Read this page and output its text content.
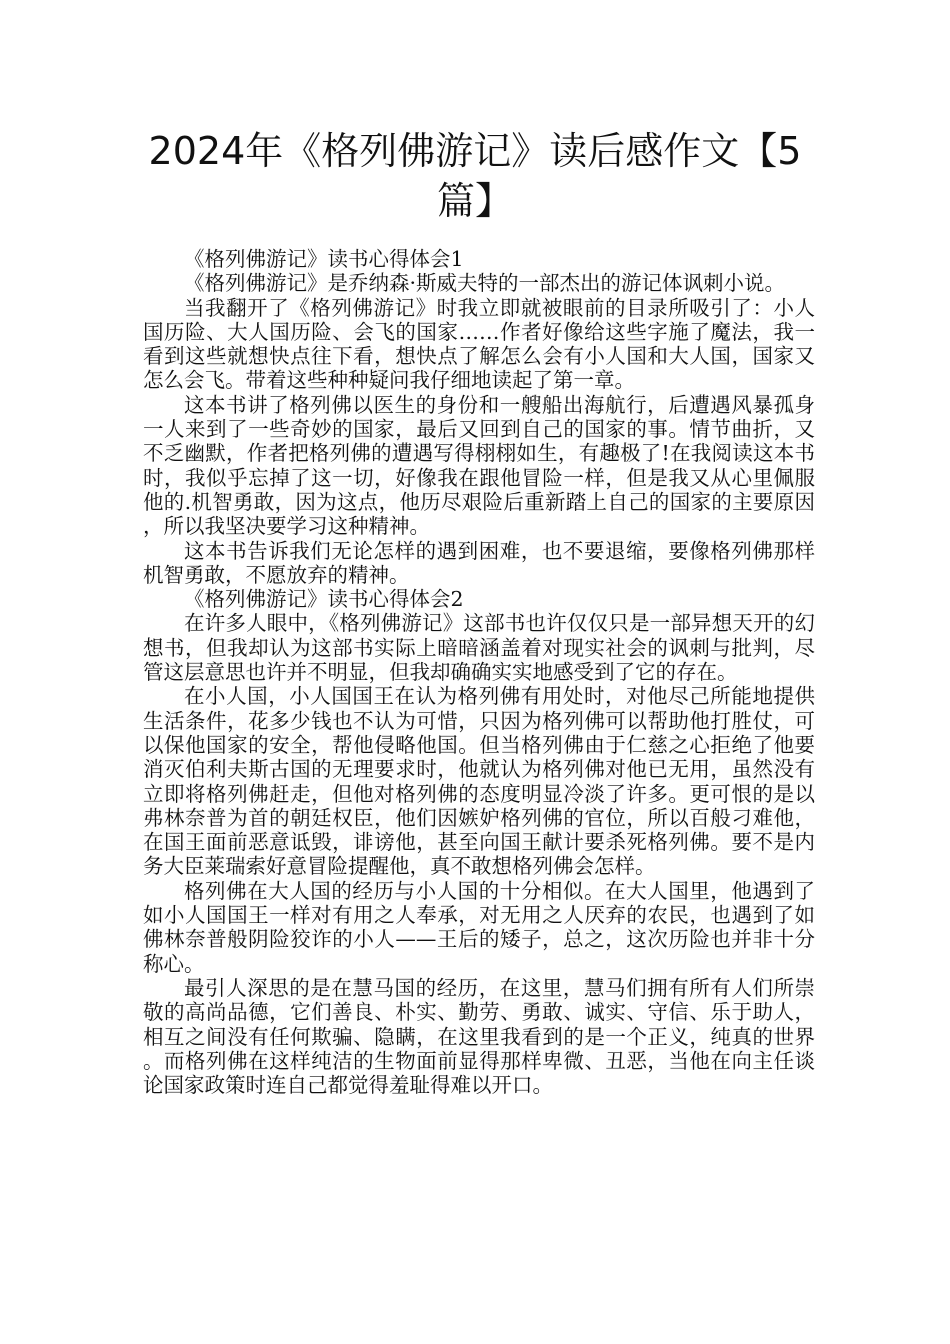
2024年《格列佛游记》读后感作文【5篇】

《格列佛游记》读书心得体会1

《格列佛游记》是乔纳森·斯威夫特的一部杰出的游记体讽刺小说。

当我翻开了《格列佛游记》时我立即就被眼前的目录所吸引了：小人国历险、大人国历险、会飞的国家……作者好像给这些字施了魔法，我一看到这些就想快点往下看，想快点了解怎么会有小人国和大人国，国家又怎么会飞。带着这些种种疑问我仔细地读起了第一章。

这本书讲了格列佛以医生的身份和一艘船出海航行，后遭遇风暴孤身一人来到了一些奇妙的国家，最后又回到自己的国家的事。情节曲折，又不乏幽默，作者把格列佛的遭遇写得栩栩如生，有趣极了!在我阅读这本书时，我似乎忘掉了这一切，好像我在跟他冒险一样，但是我又从心里佩服他的.机智勇敢，因为这点，他历尽艰险后重新踏上自己的国家的主要原因，所以我坚决要学习这种精神。

这本书告诉我们无论怎样的遇到困难，也不要退缩，要像格列佛那样机智勇敢，不愿放弃的精神。

《格列佛游记》读书心得体会2

在许多人眼中，《格列佛游记》这部书也许仅仅只是一部异想天开的幻想书，但我却认为这部书实际上暗暗涵盖着对现实社会的讽刺与批判，尽管这层意思也许并不明显，但我却确确实实地感受到了它的存在。

在小人国，小人国国王在认为格列佛有用处时，对他尽己所能地提供生活条件，花多少钱也不认为可惜，只因为格列佛可以帮助他打胜仗，可以保他国家的安全，帮他侵略他国。但当格列佛由于仁慈之心拒绝了他要消灭伯利夫斯古国的无理要求时，他就认为格列佛对他已无用，虽然没有立即将格列佛赶走，但他对格列佛的态度明显冷淡了许多。更可恨的是以弗林奈普为首的朝廷权臣，他们因嫉妒格列佛的官位，所以百般刁难他，在国王面前恶意诋毁，诽谤他，甚至向国王献计要杀死格列佛。要不是内务大臣莱瑞索好意冒险提醒他，真不敢想格列佛会怎样。

格列佛在大人国的经历与小人国的十分相似。在大人国里，他遇到了如小人国国王一样对有用之人奉承，对无用之人厌弃的农民，也遇到了如佛林奈普般阴险狡诈的小人——王后的矮子，总之，这次历险也并非十分称心。

最引人深思的是在慧马国的经历，在这里，慧马们拥有所有人们所崇敬的高尚品德，它们善良、朴实、勤劳、勇敢、诚实、守信、乐于助人，相互之间没有任何欺骗、隐瞒，在这里我看到的是一个正义，纯真的世界。而格列佛在这样纯洁的生物面前显得那样卑微、丑恶，当他在向主任谈论国家政策时连自己都觉得羞耻得难以开口。
